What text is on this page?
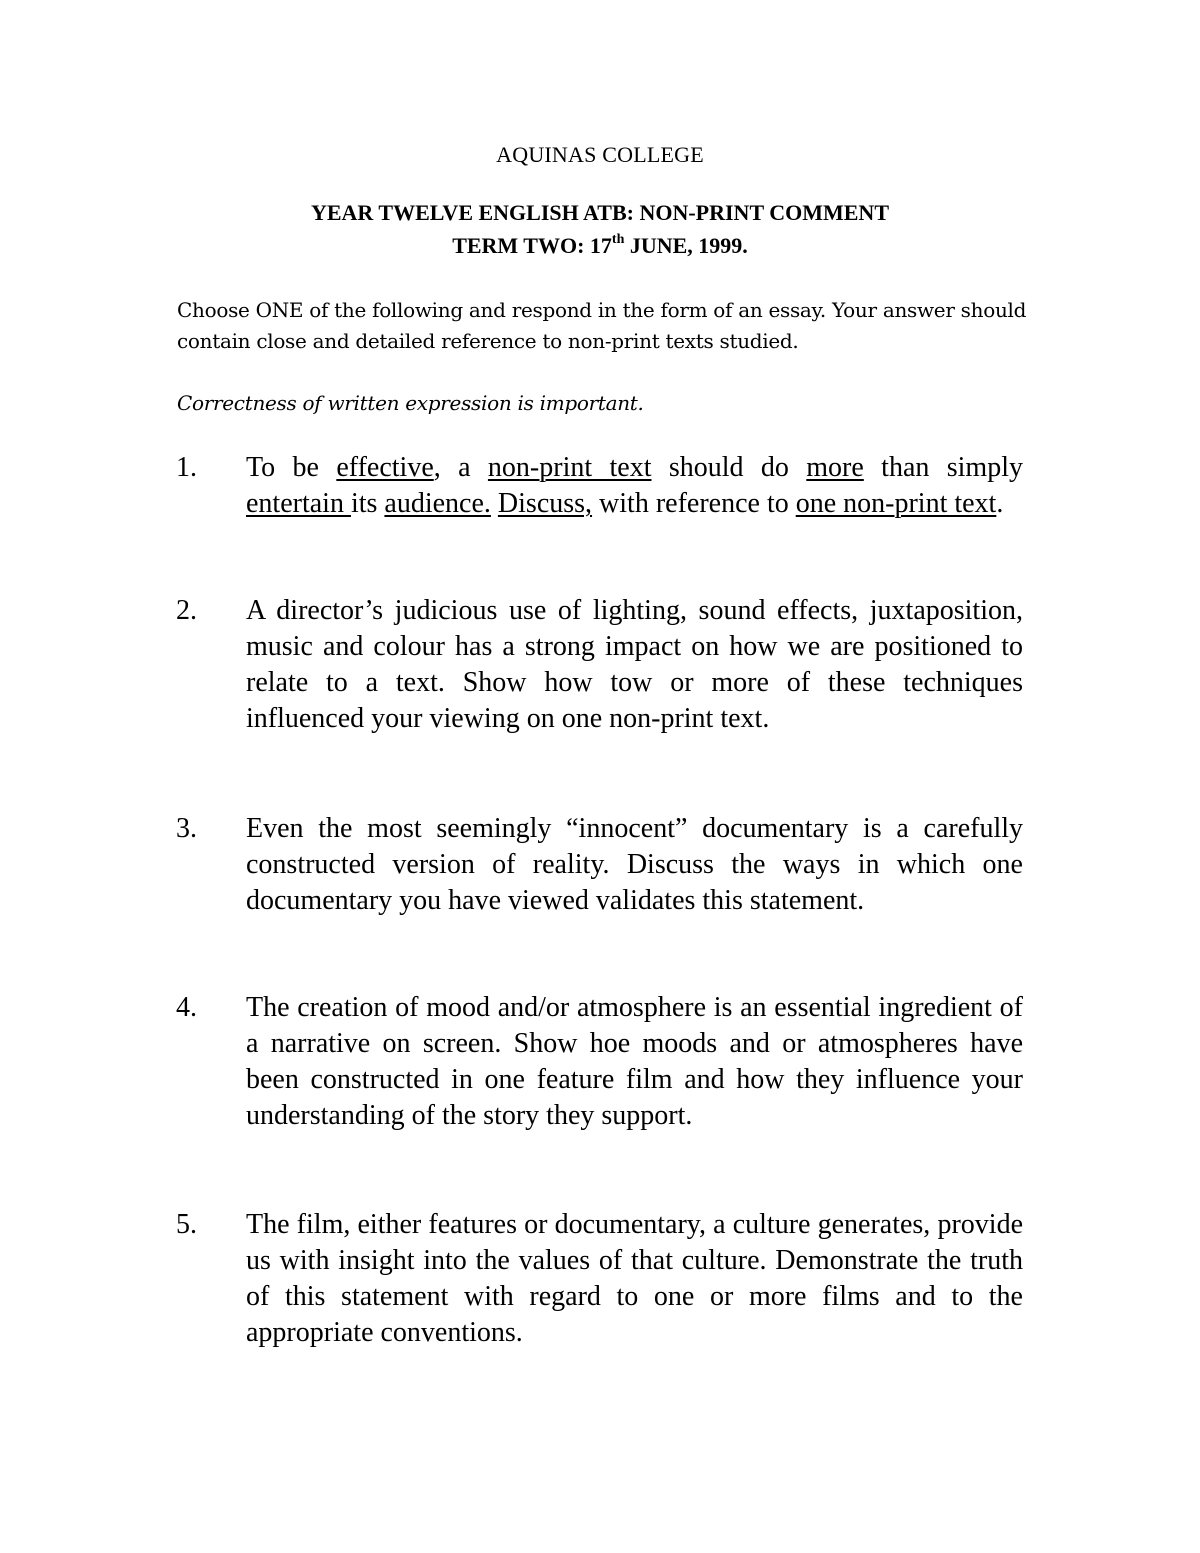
AQUINAS COLLEGE
YEAR TWELVE ENGLISH ATB: NON-PRINT COMMENT
TERM TWO: 17th JUNE, 1999.
Choose ONE of the following and respond in the form of an essay. Your answer should contain close and detailed reference to non-print texts studied.
Correctness of written expression is important.
1. To be effective, a non-print text should do more than simply entertain its audience. Discuss, with reference to one non-print text.
2. A director’s judicious use of lighting, sound effects, juxtaposition, music and colour has a strong impact on how we are positioned to relate to a text. Show how tow or more of these techniques influenced your viewing on one non-print text.
3. Even the most seemingly “innocent” documentary is a carefully constructed version of reality. Discuss the ways in which one documentary you have viewed validates this statement.
4. The creation of mood and/or atmosphere is an essential ingredient of a narrative on screen. Show hoe moods and or atmospheres have been constructed in one feature film and how they influence your understanding of the story they support.
5. The film, either features or documentary, a culture generates, provide us with insight into the values of that culture. Demonstrate the truth of this statement with regard to one or more films and to the appropriate conventions.
